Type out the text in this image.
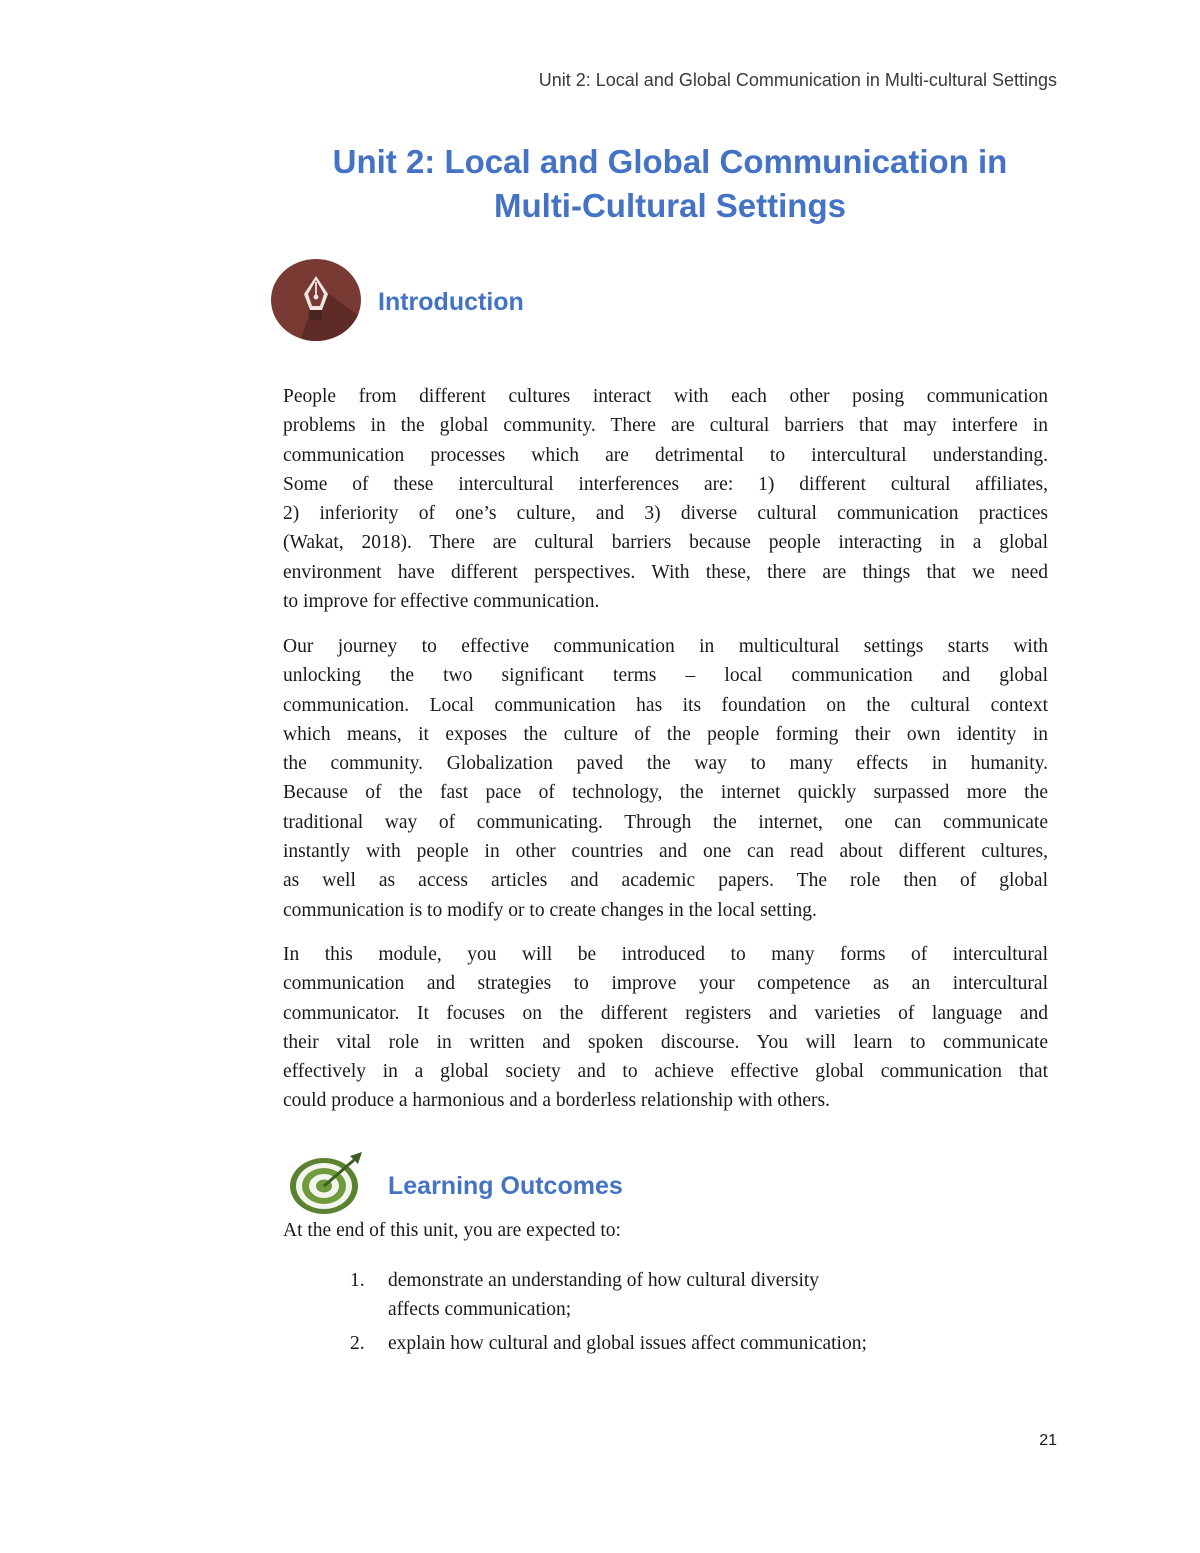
Unit 2: Local and Global Communication in Multi-cultural Settings
Unit 2: Local and Global Communication in
Multi-Cultural Settings
Introduction
People from different cultures interact with each other posing communication
problems in the global community. There are cultural barriers that may interfere in
communication processes which are detrimental to intercultural understanding.
Some of these intercultural interferences are: 1) different cultural affiliates,
2) inferiority of one’s culture, and 3) diverse cultural communication practices
(Wakat, 2018). There are cultural barriers because people interacting in a global
environment have different perspectives. With these, there are things that we need
to improve for effective communication.
Our journey to effective communication in multicultural settings starts with
unlocking the two significant terms – local communication and global
communication. Local communication has its foundation on the cultural context
which means, it exposes the culture of the people forming their own identity in
the community. Globalization paved the way to many effects in humanity.
Because of the fast pace of technology, the internet quickly surpassed more the
traditional way of communicating. Through the internet, one can communicate
instantly with people in other countries and one can read about different cultures,
as well as access articles and academic papers. The role then of global
communication is to modify or to create changes in the local setting.
In this module, you will be introduced to many forms of intercultural
communication and strategies to improve your competence as an intercultural
communicator. It focuses on the different registers and varieties of language and
their vital role in written and spoken discourse. You will learn to communicate
effectively in a global society and to achieve effective global communication that
could produce a harmonious and a borderless relationship with others.
Learning Outcomes
At the end of this unit, you are expected to:
1. demonstrate an understanding of how cultural diversity
affects communication;
2. explain how cultural and global issues affect communication;
21
